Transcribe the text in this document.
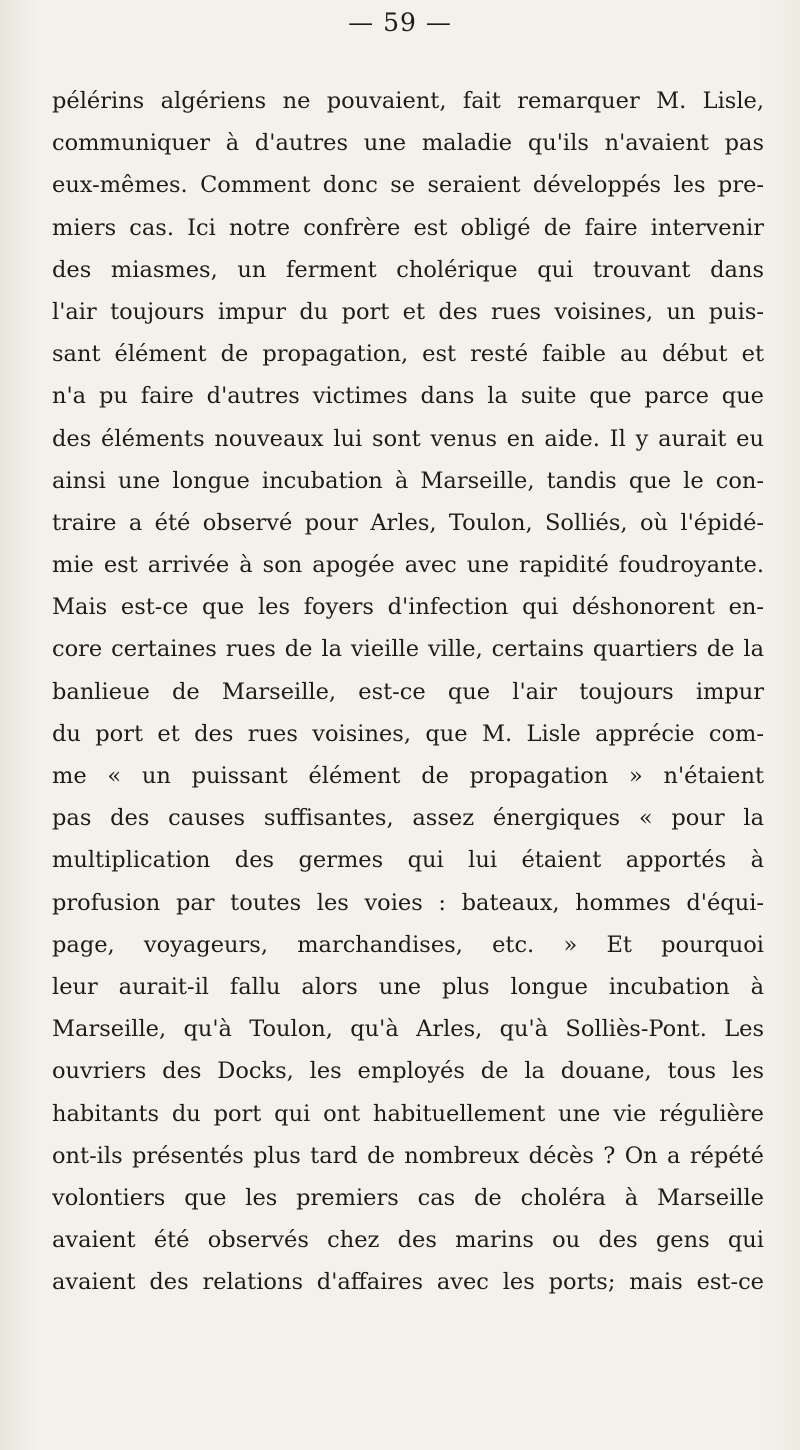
— 59 —
pélérins algériens ne pouvaient, fait remarquer M. Lisle,
communiquer à d'autres une maladie qu'ils n'avaient pas
eux-mêmes. Comment donc se seraient développés les pre-
miers cas. Ici notre confrère est obligé de faire intervenir
des miasmes, un ferment cholérique qui trouvant dans
l'air toujours impur du port et des rues voisines, un puis-
sant élément de propagation, est resté faible au début et
n'a pu faire d'autres victimes dans la suite que parce que
des éléments nouveaux lui sont venus en aide. Il y aurait eu
ainsi une longue incubation à Marseille, tandis que le con-
traire a été observé pour Arles, Toulon, Solliés, où l'épidé-
mie est arrivée à son apogée avec une rapidité foudroyante.
Mais est-ce que les foyers d'infection qui déshonorent en-
core certaines rues de la vieille ville, certains quartiers de la
banlieue de Marseille, est-ce que l'air toujours impur
du port et des rues voisines, que M. Lisle apprécie com-
me « un puissant élément de propagation » n'étaient
pas des causes suffisantes, assez énergiques « pour la
multiplication des germes qui lui étaient apportés à
profusion par toutes les voies : bateaux, hommes d'équi-
page, voyageurs, marchandises, etc. » Et pourquoi
leur aurait-il fallu alors une plus longue incubation à
Marseille, qu'à Toulon, qu'à Arles, qu'à Solliès-Pont. Les
ouvriers des Docks, les employés de la douane, tous les
habitants du port qui ont habituellement une vie régulière
ont-ils présentés plus tard de nombreux décès ? On a répété
volontiers que les premiers cas de choléra à Marseille
avaient été observés chez des marins ou des gens qui
avaient des relations d'affaires avec les ports; mais est-ce
